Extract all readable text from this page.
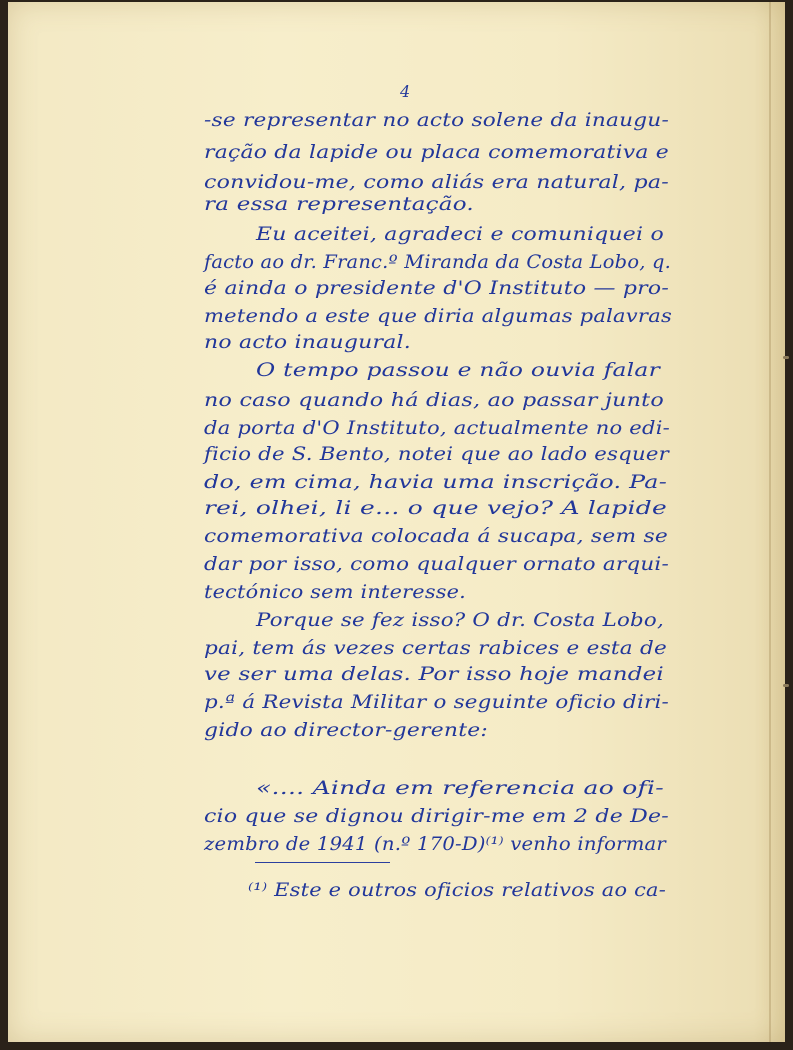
4
-se representar no acto solene da inaugu-
ração da lapide ou placa comemorativa e
convidou-me, como aliás era natural, pa-
ra essa representação.
Eu aceitei, agradeci e comuniquei o
facto ao dr. Franc.º Miranda da Costa Lobo, q.
é ainda o presidente d'O Instituto — pro-
metendo a este que diria algumas palavras
no acto inaugural.
O tempo passou e não ouvia falar
no caso quando há dias, ao passar junto
da porta d'O Instituto, actualmente no edi-
ficio de S. Bento, notei que ao lado esquer
do, em cima, havia uma inscrição. Pa-
rei, olhei, li e... o que vejo? A lapide
comemorativa colocada á sucapa, sem se
dar por isso, como qualquer ornato arqui-
tectónico sem interesse.
Porque se fez isso? O dr. Costa Lobo,
pai, tem ás vezes certas rabices e esta de
ve ser uma delas. Por isso hoje mandei
p.ª á Revista Militar o seguinte oficio diri-
gido ao director-gerente:
«.... Ainda em referencia ao ofi-
cio que se dignou dirigir-me em 2 de De-
zembro de 1941 (n.º 170-D)⁽¹⁾ venho informar
⁽¹⁾ Este e outros oficios relativos ao ca-
